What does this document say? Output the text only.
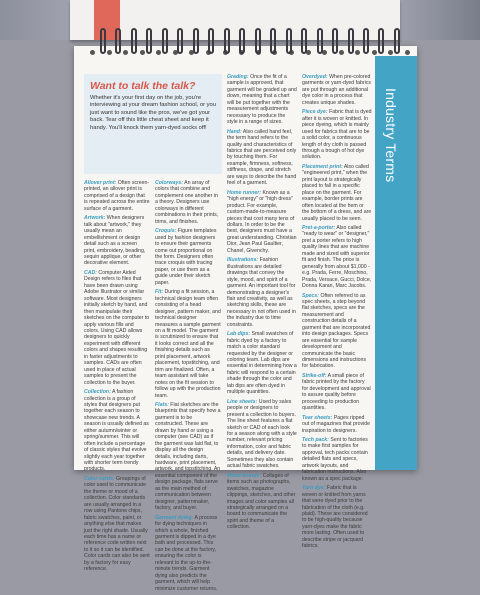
Industry Terms
Want to talk the talk?
Whether it's your first day on the job, you're interviewing at your dream fashion school, or you just want to sound like the pros, we've got your back. Tear off this little cheat sheet and keep it handy. You'll knock them yarn-dyed socks off!
Allover print: Often screen-printed, an allover print is comprised of a design that is repeated across the entire surface of a garment.
Artwork: When designers talk about "artwork," they usually mean an embellishment or design detail such as a screen print, embroidery, beading, sequin applique, or other decorative element.
CAD: Computer Aided Design refers to files that have been drawn using Adobe Illustrator or similar software. Most designers initially sketch by hand, and then manipulate their sketches on the computer to apply various fills and colors. Using CAD allows designers to quickly experiment with different colors and shapes resulting in faster adjustments to samples. CADs are often used in place of actual samples to present the collection to the buyer.
Collection: A fashion collection is a group of styles that designers put together each season to showcase new trends. A season is usually defined as either autumn/winter or spring/summer. This will often include a percentage of classic styles that evolve slightly each year together with shorter term trendy products.
Color cards: Groupings of color used to communicate the theme or mood of a collection. Color standards are usually arranged in a row using Pantone chips, fabric swatches, paint, or anything else that makes just the right shade. Usually each time has a name or reference code written next to it so it can be identified. Color cards can also be sent by a factory for easy reference.
Colorways: An array of colors that combine and complement one another in a theory. Designers use colorways in different combinations in their prints, trims, and finishes.
Croquis: Figure templates used by fashion designers to ensure their garments come out proportional on the form. Designers often trace croquis with tracing paper, or use them as a guide under their sketch paper.
Fit: During a fit session, a technical design team often consisting of a head designer, pattern maker, and technical designer measures a sample garment on a fit model. The garment is scrutinized to ensure that it looks correct and all the finishing details such as print placement, artwork placement, topstitching, and trim are finalized. Often, a team assistant will take notes on the fit session to follow up with the production team.
Flats: Flat sketches are the blueprints that specify how a garment is to be constructed. These are drawn by hand or using a computer (see CAD) as if the garment was laid flat, to display all the design details, including darts, hardware, print placement, artwork, and topstitching. An essential component of the design package, flats serve as the main method of communication between designer, patternmaker, factory, and buyer.
Garment dying: A process for dying techniques in which a whole, finished garment is dipped in a dye bath and processed. This can be done at the factory, ensuring the color is relevant to the up-to-the-minute trends. Garment dying also predicts the garment, which will help minimize customer returns.
Grading: Once the fit of a sample is approved, that garment will be graded up and down, meaning that a chart will be put together with the measurement adjustments necessary to produce the style in a range of sizes.
Hand: Also called hand feel, the term hand refers to the quality and characteristics of fabrics that are perceived only by touching them. For example, firmness, softness, stiffness, drape, and stretch are ways to describe the hand feel of a garment.
Home runner: Known as a "high energy" or "high dress" product. For example, custom-made-to-measure pieces that cost many tens of dollars. In order to be the best, designers must have a great understanding. Christian Dior, Jean Paul Gaultier, Chanel, Givenchy.
Illustrations: Fashion illustrations are detailed drawings that convey the style, mood, and spirit of a garment. An important tool for demonstrating a designer's flair and creativity, as well as sketching skills, these are necessary in not often used in the industry due to time constraints.
Lab dips: Small swatches of fabric dyed by a factory to match a color standard requested by the designer or coloring team. Lab dips are essential in determining how a fabric will respond to a certain shade through the color and lab dips are often dyed in multiple quantities.
Line sheets: Used by sales people or designers to present a collection to buyers. The line sheet features a flat sketch or CAD of each look for a season along with a style number, relevant pricing information, color and fabric details, and delivery date. Sometimes they also contain actual fabric swatches.
Mood boards: Collages of items such as photographs, swatches, magazine clippings, sketches, and other images and color samples all strategically arranged on a board to communicate the spirit and theme of a collection.
Overdyed: When pre-colored garments or yarn-dyed fabrics are put through an additional dye color in a process that creates unique shades.
Piece dye: Fabric that is dyed after it is woven or knitted. In piece dyeing, which is mainly used for fabrics that are to be a solid color, a continuous length of dry cloth is passed through a trough of hot dye solution.
Placement print: Also called "engineered print," when the print layout is strategically placed to fall in a specific place on the garment. For example, border prints are often located at the hem or the bottom of a dress, and are usually placed to be seen.
Pret-a-porter: Also called "ready to wear" or "designer," pret a porter refers to high quality lines that are machine made and sized with superior fit and finish. The price is generally from about $1,000 - e.g. Prada, Ferre, Moschino, Prada, Versace, Gucci, Dolce, Donna Karan, Marc Jacobs.
Specs: Often referred to as spec sheets, a step beyond flat sketches, specs are the measurement and construction details of a garment that are incorporated into design packages. Specs are essential for sample development and communicate the basic dimensions and instructions for fabrication.
Strike-off: A small piece of fabric printed by the factory for development and approval to assure quality before proceeding to production quantities.
Tear sheets: Pages ripped out of magazines that provide inspiration to designers.
Tech pack: Sent to factories to make first samples for approval, tech packs contain detailed flats and specs, artwork layouts, and fabrication instructions. Also known as a spec package.
Yarn dye: Fabric that is woven or knitted from yarns that were dyed prior to the fabrication of the cloth (e.g. plaid). These are considered to be high-quality because yarn-dyes make the fabric more lasting. Often used to describe stripe or jacquard fabrics.
